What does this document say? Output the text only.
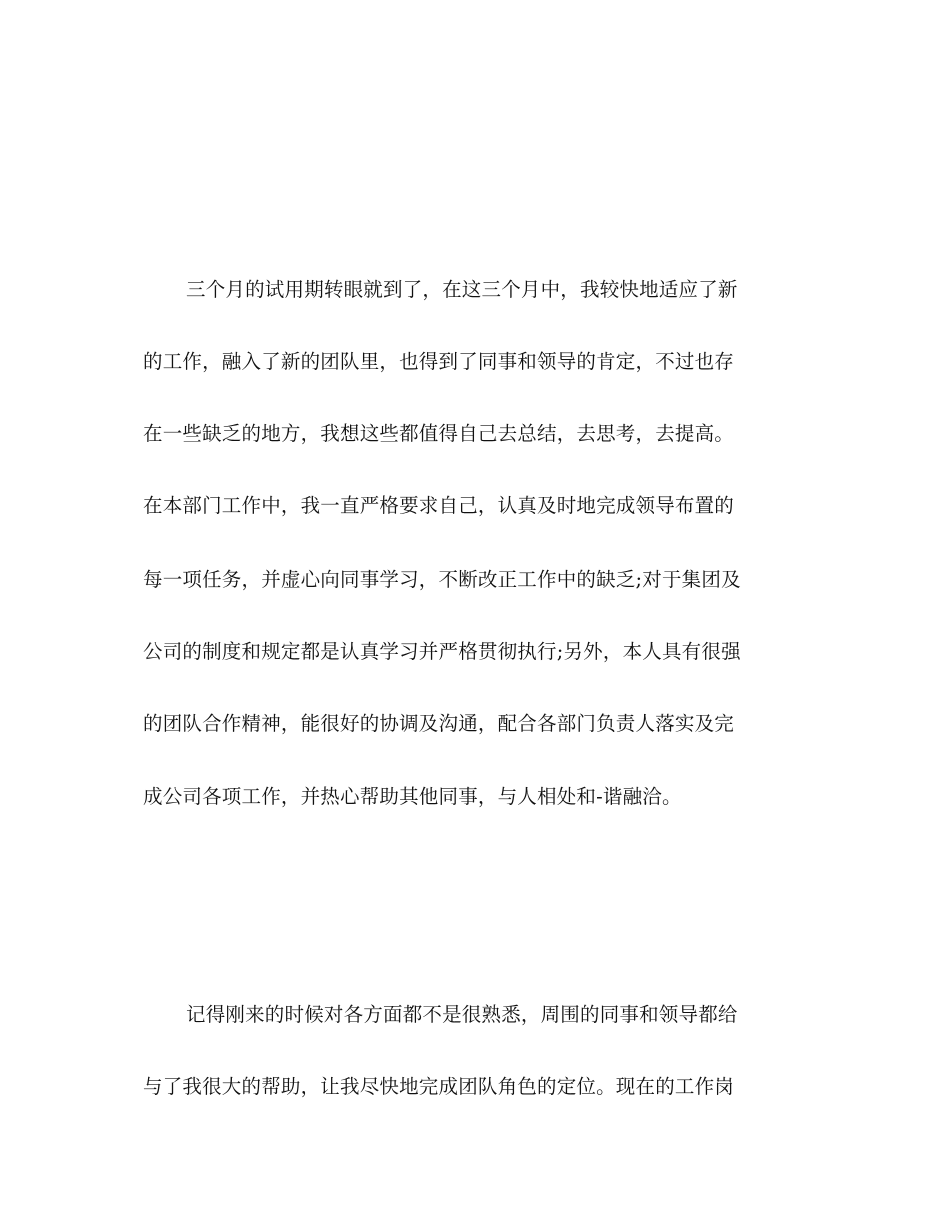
三个月的试用期转眼就到了，在这三个月中，我较快地适应了新
的工作，融入了新的团队里，也得到了同事和领导的肯定，不过也存
在一些缺乏的地方，我想这些都值得自己去总结，去思考，去提高。
在本部门工作中，我一直严格要求自己，认真及时地完成领导布置的
每一项任务，并虚心向同事学习，不断改正工作中的缺乏;对于集团及
公司的制度和规定都是认真学习并严格贯彻执行;另外，本人具有很强
的团队合作精神，能很好的协调及沟通，配合各部门负责人落实及完
成公司各项工作，并热心帮助其他同事，与人相处和-谐融洽。
记得刚来的时候对各方面都不是很熟悉，周围的同事和领导都给
与了我很大的帮助，让我尽快地完成团队角色的定位。现在的工作岗
